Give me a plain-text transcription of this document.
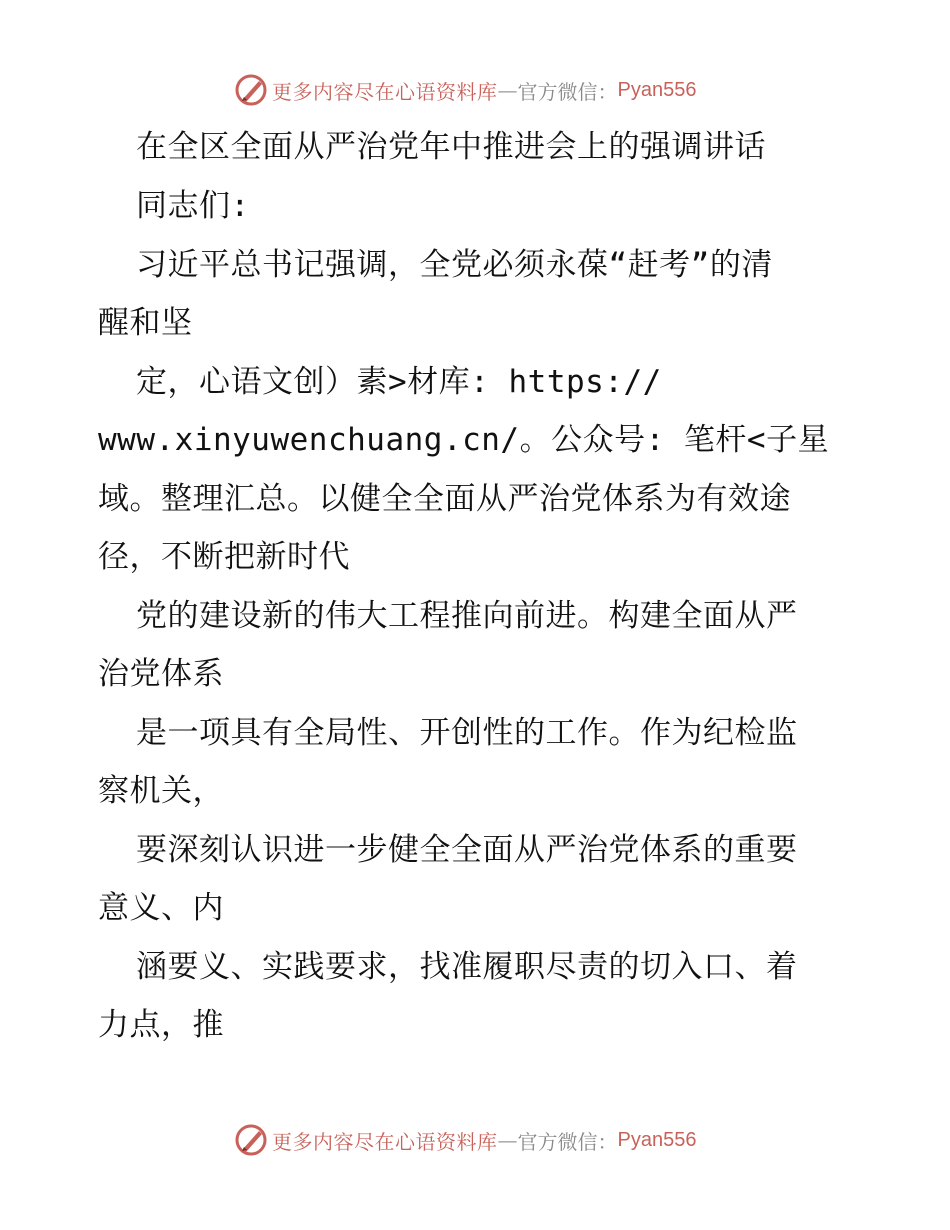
更多内容尽在心语资料库 — 官方微信： Pyan556
在全区全面从严治党年中推进会上的强调讲话
同志们:
习近平总书记强调，全党必须永葆“赶考”的清
醒和坚
定，心语文创）素>材库: https://
www.xinyuwenchuang.cn/。公众号: 笔杆<子星
域。整理汇总。以健全全面从严治党体系为有效途
径，不断把新时代
党的建设新的伟大工程推向前进。构建全面从严
治党体系
是一项具有全局性、开创性的工作。作为纪检监
察机关，
要深刻认识进一步健全全面从严治党体系的重要
意义、内
涵要义、实践要求，找准履职尽责的切入口、着
力点，推
更多内容尽在心语资料库 — 官方微信： Pyan556
